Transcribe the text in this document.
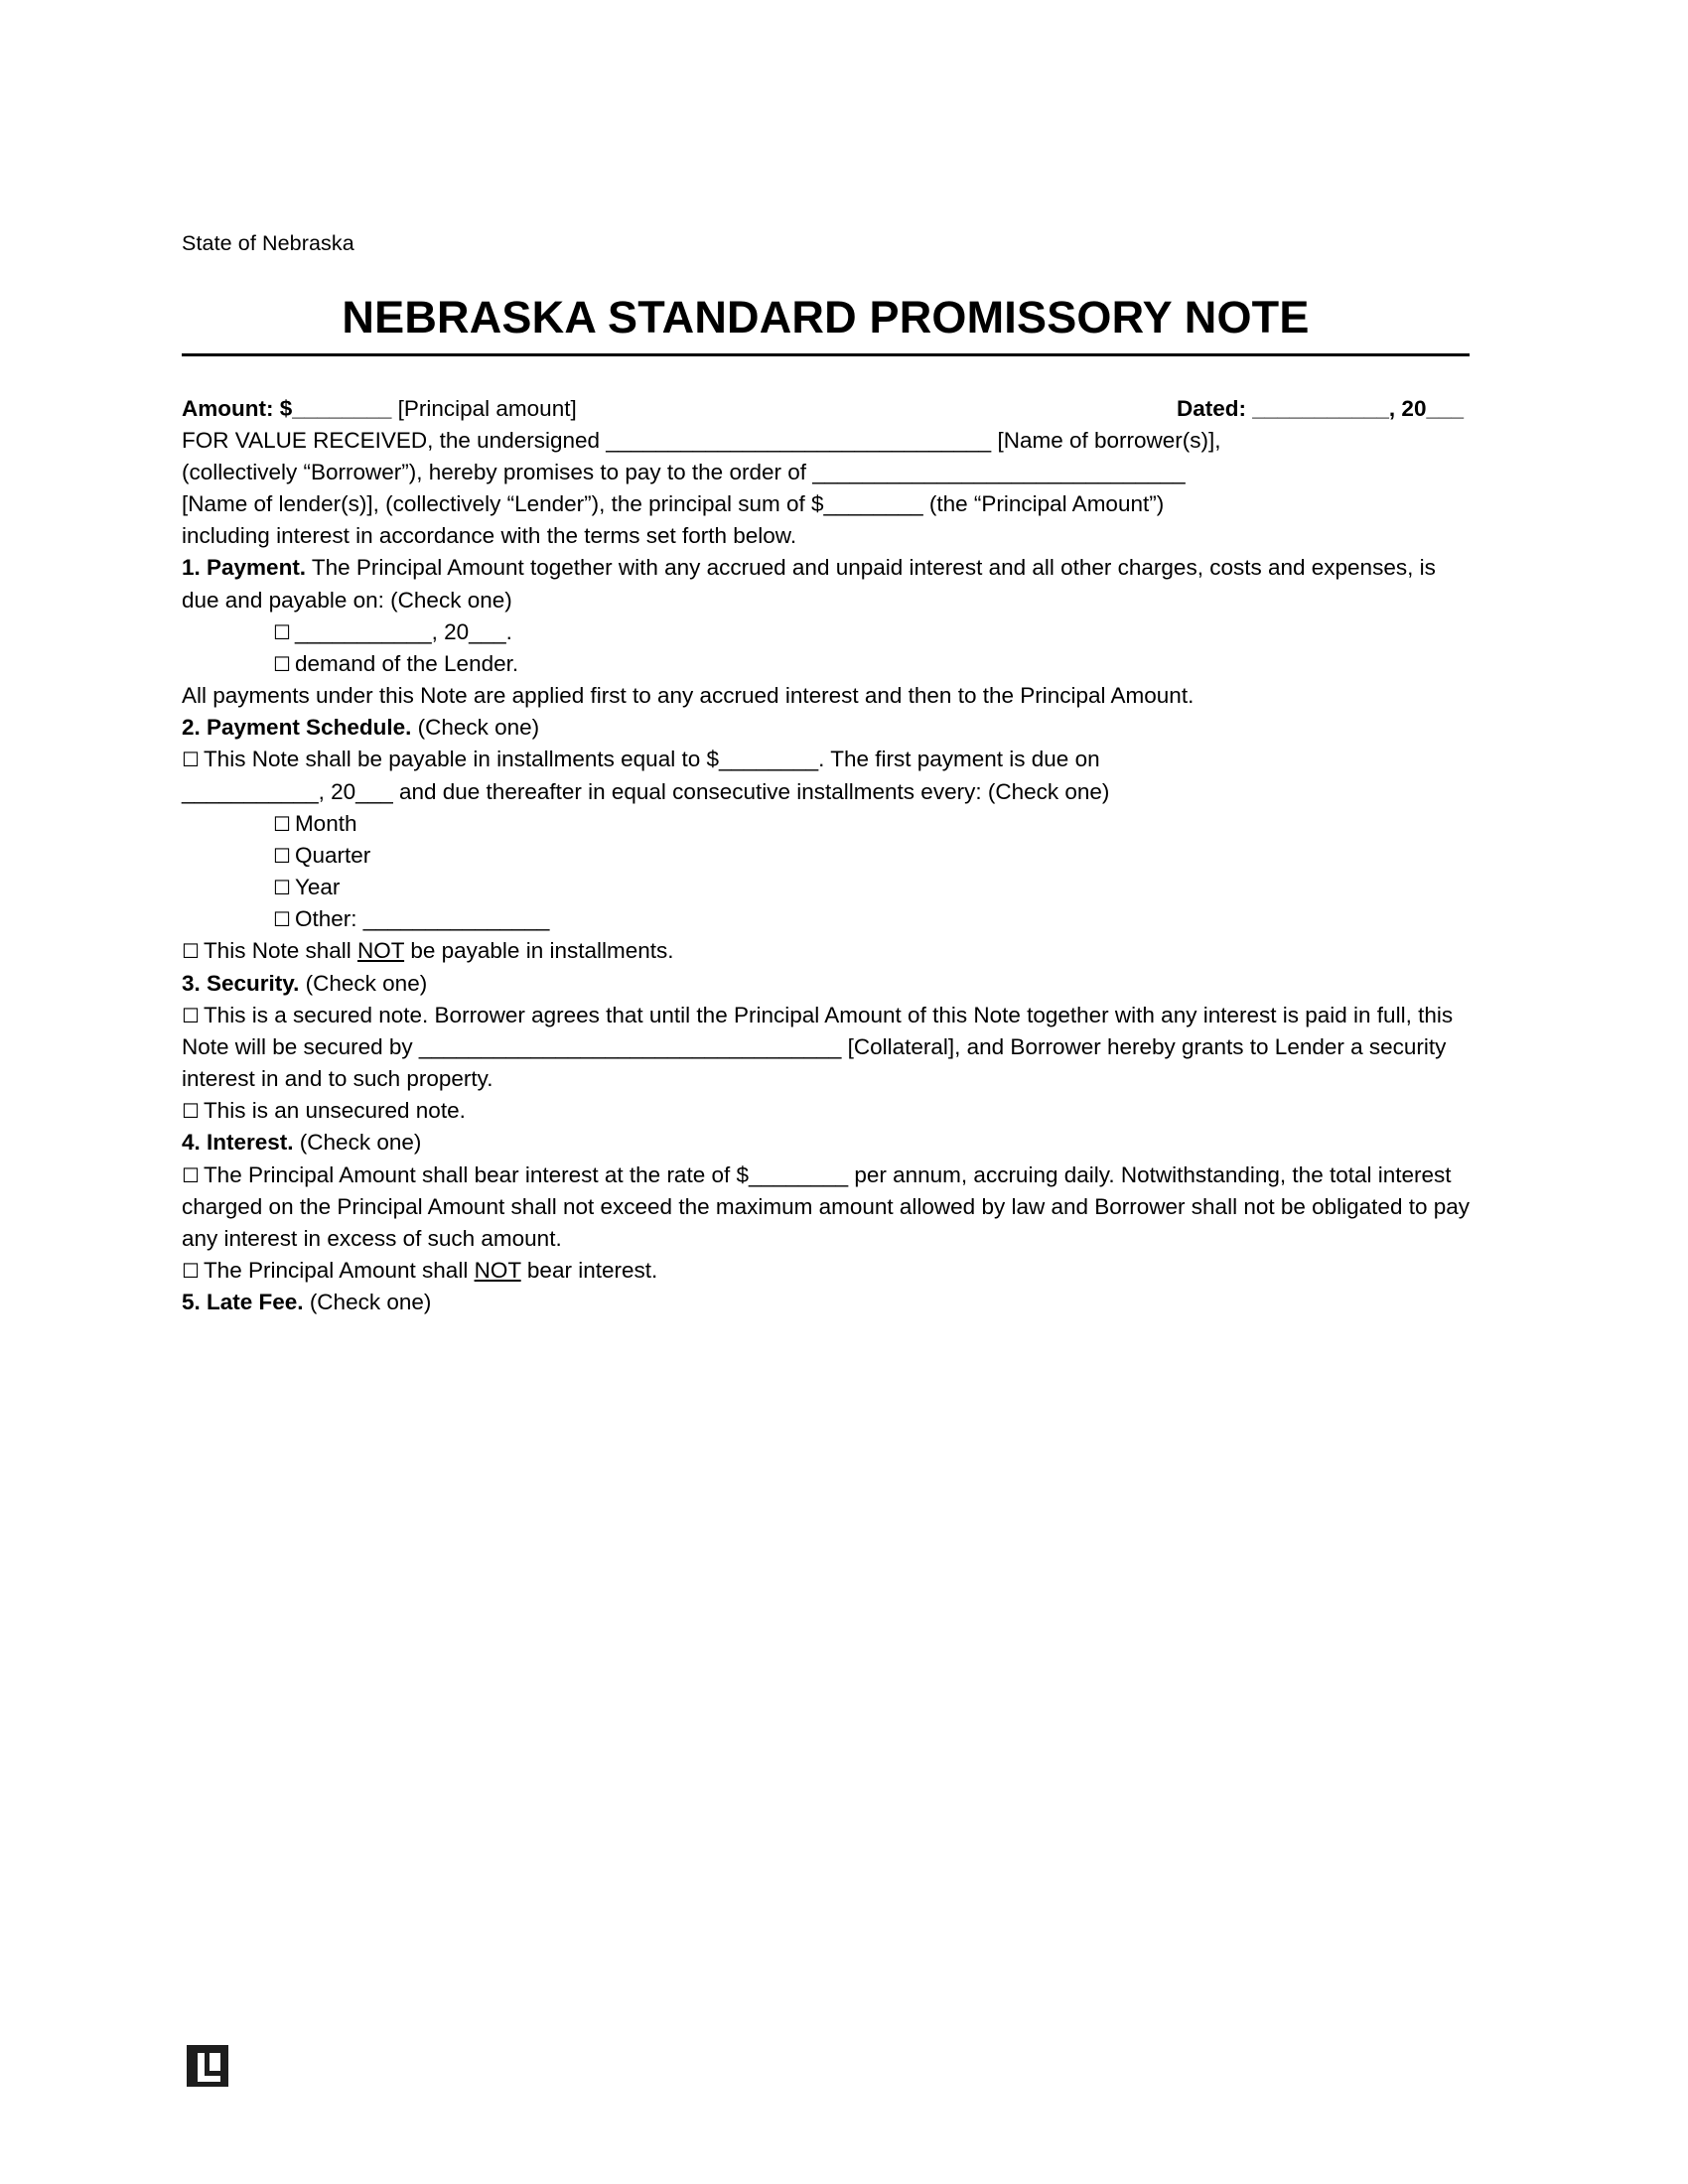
State of Nebraska
NEBRASKA STANDARD PROMISSORY NOTE
Amount: $________ [Principal amount]	Dated: ___________, 20___

FOR VALUE RECEIVED, the undersigned _______________________________ [Name of borrower(s)],
(collectively “Borrower”), hereby promises to pay to the order of ______________________________
[Name of lender(s)], (collectively “Lender”), the principal sum of $________ (the “Principal Amount”)
including interest in accordance with the terms set forth below.

1. Payment. The Principal Amount together with any accrued and unpaid interest and all other charges, costs and expenses, is due and payable on: (Check one)

☐ ___________, 20___.
☐ demand of the Lender.

All payments under this Note are applied first to any accrued interest and then to the Principal Amount.

2. Payment Schedule. (Check one)

☐ This Note shall be payable in installments equal to $________. The first payment is due on
___________, 20___ and due thereafter in equal consecutive installments every: (Check one)

☐ Month
☐ Quarter
☐ Year
☐ Other: _______________

☐ This Note shall NOT be payable in installments.

3. Security. (Check one)

☐ This is a secured note. Borrower agrees that until the Principal Amount of this Note together with any interest is paid in full, this Note will be secured by __________________________________ [Collateral], and Borrower hereby grants to Lender a security interest in and to such property.

☐ This is an unsecured note.

4. Interest. (Check one)

☐ The Principal Amount shall bear interest at the rate of $________ per annum, accruing daily. Notwithstanding, the total interest charged on the Principal Amount shall not exceed the maximum amount allowed by law and Borrower shall not be obligated to pay any interest in excess of such amount.

☐ The Principal Amount shall NOT bear interest.

5. Late Fee. (Check one)
